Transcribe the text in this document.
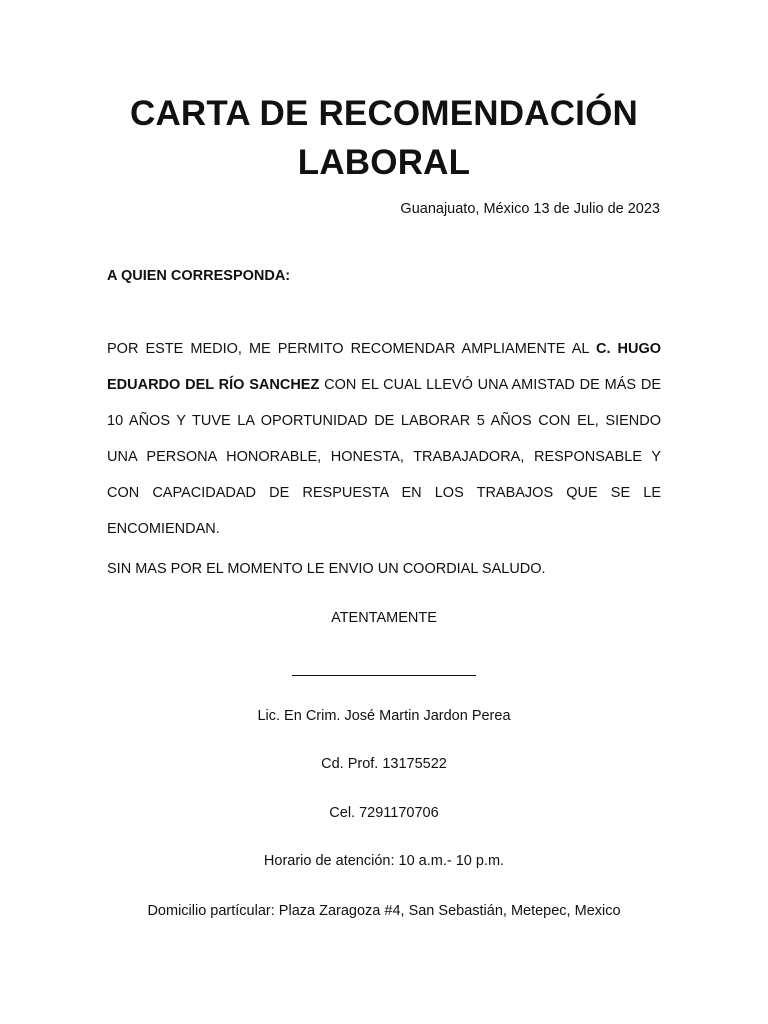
CARTA DE RECOMENDACIÓN
LABORAL
Guanajuato, México 13 de Julio de 2023
A QUIEN CORRESPONDA:
POR ESTE MEDIO, ME PERMITO RECOMENDAR AMPLIAMENTE AL C. HUGO EDUARDO DEL RÍO SANCHEZ CON EL CUAL LLEVÓ UNA AMISTAD DE MÁS DE 10 AÑOS Y TUVE LA OPORTUNIDAD DE LABORAR 5 AÑOS CON EL, SIENDO UNA PERSONA HONORABLE, HONESTA, TRABAJADORA, RESPONSABLE Y CON CAPACIDADAD DE RESPUESTA EN LOS TRABAJOS QUE SE LE ENCOMIENDAN.
SIN MAS POR EL MOMENTO LE ENVIO UN COORDIAL SALUDO.
ATENTAMENTE
Lic. En Crim. José Martin Jardon Perea
Cd. Prof. 13175522
Cel. 7291170706
Horario de atención: 10 a.m.- 10 p.m.
Domicilio partícular: Plaza Zaragoza #4, San Sebastián, Metepec, Mexico
